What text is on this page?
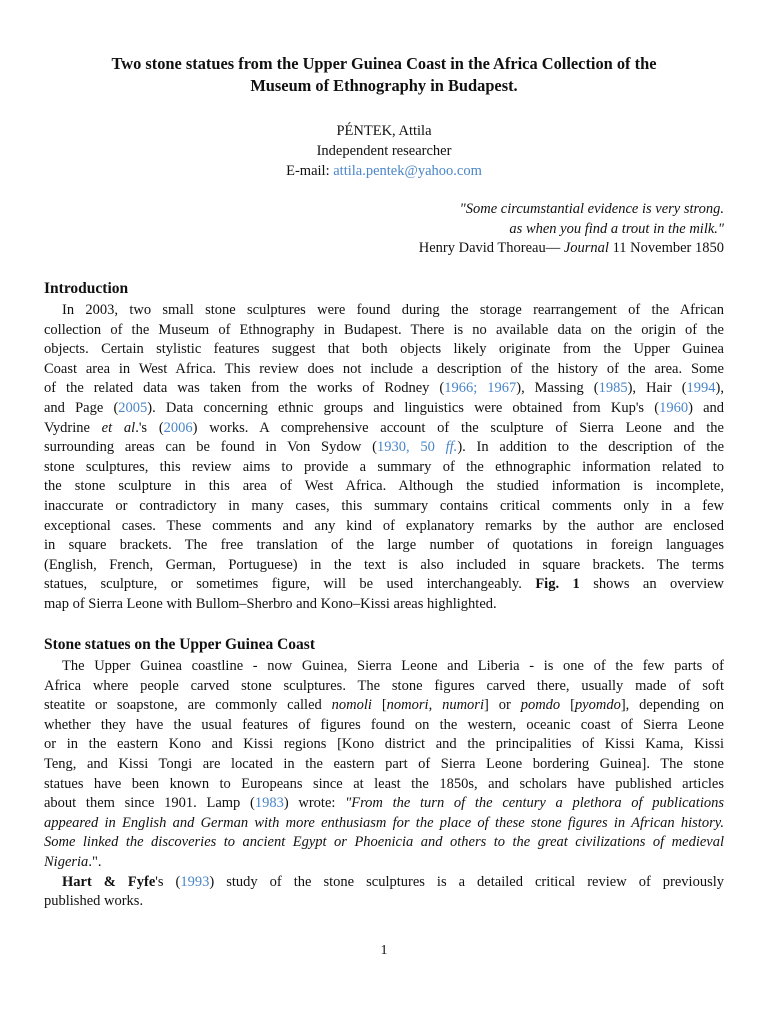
Two stone statues from the Upper Guinea Coast in the Africa Collection of the
Museum of Ethnography in Budapest.
PÉNTEK, Attila
Independent researcher
E-mail: attila.pentek@yahoo.com
"Some circumstantial evidence is very strong.
as when you find a trout in the milk."
Henry David Thoreau— Journal 11 November 1850
Introduction
In 2003, two small stone sculptures were found during the storage rearrangement of the African
collection of the Museum of Ethnography in Budapest. There is no available data on the origin of the
objects. Certain stylistic features suggest that both objects likely originate from the Upper Guinea
Coast area in West Africa. This review does not include a description of the history of the area. Some
of the related data was taken from the works of Rodney (1966; 1967), Massing (1985), Hair (1994),
and Page (2005). Data concerning ethnic groups and linguistics were obtained from Kup's (1960) and
Vydrine et al.'s (2006) works. A comprehensive account of the sculpture of Sierra Leone and the
surrounding areas can be found in Von Sydow (1930, 50 ff.). In addition to the description of the
stone sculptures, this review aims to provide a summary of the ethnographic information related to
the stone sculpture in this area of West Africa. Although the studied information is incomplete,
inaccurate or contradictory in many cases, this summary contains critical comments only in a few
exceptional cases. These comments and any kind of explanatory remarks by the author are enclosed
in square brackets. The free translation of the large number of quotations in foreign languages
(English, French, German, Portuguese) in the text is also included in square brackets. The terms
statues, sculpture, or sometimes figure, will be used interchangeably. Fig. 1 shows an overview
map of Sierra Leone with Bullom–Sherbro and Kono–Kissi areas highlighted.
Stone statues on the Upper Guinea Coast
The Upper Guinea coastline - now Guinea, Sierra Leone and Liberia - is one of the few parts of
Africa where people carved stone sculptures. The stone figures carved there, usually made of soft
steatite or soapstone, are commonly called nomoli [nomori, numori] or pomdo [pyomdo], depending on
whether they have the usual features of figures found on the western, oceanic coast of Sierra Leone
or in the eastern Kono and Kissi regions [Kono district and the principalities of Kissi Kama, Kissi
Teng, and Kissi Tongi are located in the eastern part of Sierra Leone bordering Guinea]. The stone
statues have been known to Europeans since at least the 1850s, and scholars have published articles
about them since 1901. Lamp (1983) wrote: "From the turn of the century a plethora of publications
appeared in English and German with more enthusiasm for the place of these stone figures in African history.
Some linked the discoveries to ancient Egypt or Phoenicia and others to the great civilizations of medieval
Nigeria.".
Hart & Fyfe's (1993) study of the stone sculptures is a detailed critical review of previously
published works.
1
